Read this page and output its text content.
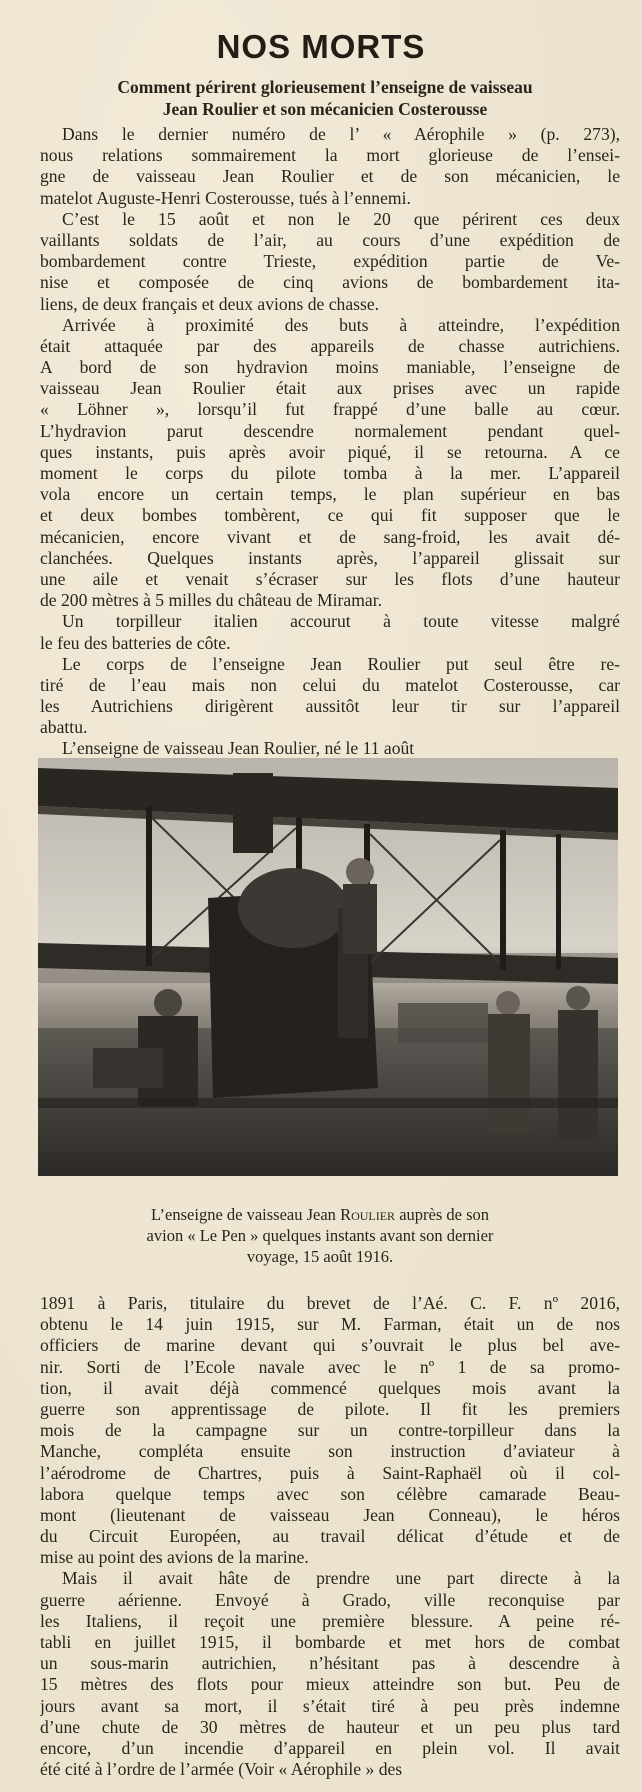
NOS MORTS
Comment périrent glorieusement l’enseigne de vaisseau
Jean Roulier et son mécanicien Costerousse
Dans le dernier numéro de l’ « Aérophile » (p. 273),
nous relations sommairement la mort glorieuse de l’ensei-
gne de vaisseau Jean Roulier et de son mécanicien, le
matelot Auguste-Henri Costerousse, tués à l’ennemi.
C’est le 15 août et non le 20 que périrent ces deux
vaillants soldats de l’air, au cours d’une expédition de
bombardement contre Trieste, expédition partie de Ve-
nise et composée de cinq avions de bombardement ita-
liens, de deux français et deux avions de chasse.
Arrivée à proximité des buts à atteindre, l’expédition
était attaquée par des appareils de chasse autrichiens.
A bord de son hydravion moins maniable, l’enseigne de
vaisseau Jean Roulier était aux prises avec un rapide
« Löhner », lorsqu’il fut frappé d’une balle au cœur.
L’hydravion parut descendre normalement pendant quel-
ques instants, puis après avoir piqué, il se retourna. A ce
moment le corps du pilote tomba à la mer. L’appareil
vola encore un certain temps, le plan supérieur en bas
et deux bombes tombèrent, ce qui fit supposer que le
mécanicien, encore vivant et de sang-froid, les avait dé-
clanchées. Quelques instants après, l’appareil glissait sur
une aile et venait s’écraser sur les flots d’une hauteur
de 200 mètres à 5 milles du château de Miramar.
Un torpilleur italien accourut à toute vitesse malgré
le feu des batteries de côte.
Le corps de l’enseigne Jean Roulier put seul être re-
tiré de l’eau mais non celui du matelot Costerousse, car
les Autrichiens dirigèrent aussitôt leur tir sur l’appareil
abattu.
L’enseigne de vaisseau Jean Roulier, né le 11 août
L’enseigne de vaisseau Jean Roulier auprès de son
avion « Le Pen » quelques instants avant son dernier
voyage, 15 août 1916.
1891 à Paris, titulaire du brevet de l’Aé. C. F. nº 2016,
obtenu le 14 juin 1915, sur M. Farman, était un de nos
officiers de marine devant qui s’ouvrait le plus bel ave-
nir. Sorti de l’Ecole navale avec le nº 1 de sa promo-
tion, il avait déjà commencé quelques mois avant la
guerre son apprentissage de pilote. Il fit les premiers
mois de la campagne sur un contre-torpilleur dans la
Manche, compléta ensuite son instruction d’aviateur à
l’aérodrome de Chartres, puis à Saint-Raphaël où il col-
labora quelque temps avec son célèbre camarade Beau-
mont (lieutenant de vaisseau Jean Conneau), le héros
du Circuit Européen, au travail délicat d’étude et de
mise au point des avions de la marine.
Mais il avait hâte de prendre une part directe à la
guerre aérienne. Envoyé à Grado, ville reconquise par
les Italiens, il reçoit une première blessure. A peine ré-
tabli en juillet 1915, il bombarde et met hors de combat
un sous-marin autrichien, n’hésitant pas à descendre à
15 mètres des flots pour mieux atteindre son but. Peu de
jours avant sa mort, il s’était tiré à peu près indemne
d’une chute de 30 mètres de hauteur et un peu plus tard
encore, d’un incendie d’appareil en plein vol. Il avait
été cité à l’ordre de l’armée (Voir « Aérophile » des
